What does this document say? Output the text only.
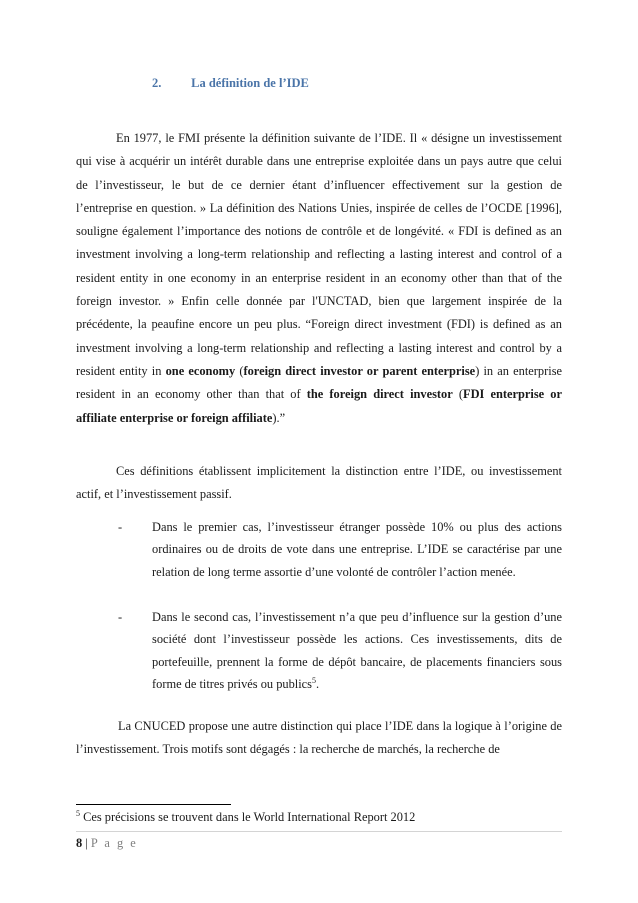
2. La définition de l’IDE

En 1977, le FMI présente la définition suivante de l’IDE. Il « désigne un investissement qui vise à acquérir un intérêt durable dans une entreprise exploitée dans un pays autre que celui de l’investisseur, le but de ce dernier étant d’influencer effectivement sur la gestion de l’entreprise en question. » La définition des Nations Unies, inspirée de celles de l’OCDE [1996], souligne également l’importance des notions de contrôle et de longévité. « FDI is defined as an investment involving a long-term relationship and reflecting a lasting interest and control of a resident entity in one economy in an enterprise resident in an economy other than that of the foreign investor. » Enfin celle donnée par l'UNCTAD, bien que largement inspirée de la précédente, la peaufine encore un peu plus. “Foreign direct investment (FDI) is defined as an investment involving a long-term relationship and reflecting a lasting interest and control by a resident entity in one economy (foreign direct investor or parent enterprise) in an enterprise resident in an economy other than that of the foreign direct investor (FDI enterprise or affiliate enterprise or foreign affiliate).”

Ces définitions établissent implicitement la distinction entre l’IDE, ou investissement actif, et l’investissement passif.

- Dans le premier cas, l’investisseur étranger possède 10% ou plus des actions ordinaires ou de droits de vote dans une entreprise. L’IDE se caractérise par une relation de long terme assortie d’une volonté de contrôler l’action menée.
- Dans le second cas, l’investissement n’a que peu d’influence sur la gestion d’une société dont l’investisseur possède les actions. Ces investissements, dits de portefeuille, prennent la forme de dépôt bancaire, de placements financiers sous forme de titres privés ou publics$^5$.

La CNUCED propose une autre distinction qui place l’IDE dans la logique à l’origine de l’investissement. Trois motifs sont dégagés : la recherche de marchés, la recherche de

$^5$ Ces précisions se trouvent dans le World International Report 2012
8 | P a g e
